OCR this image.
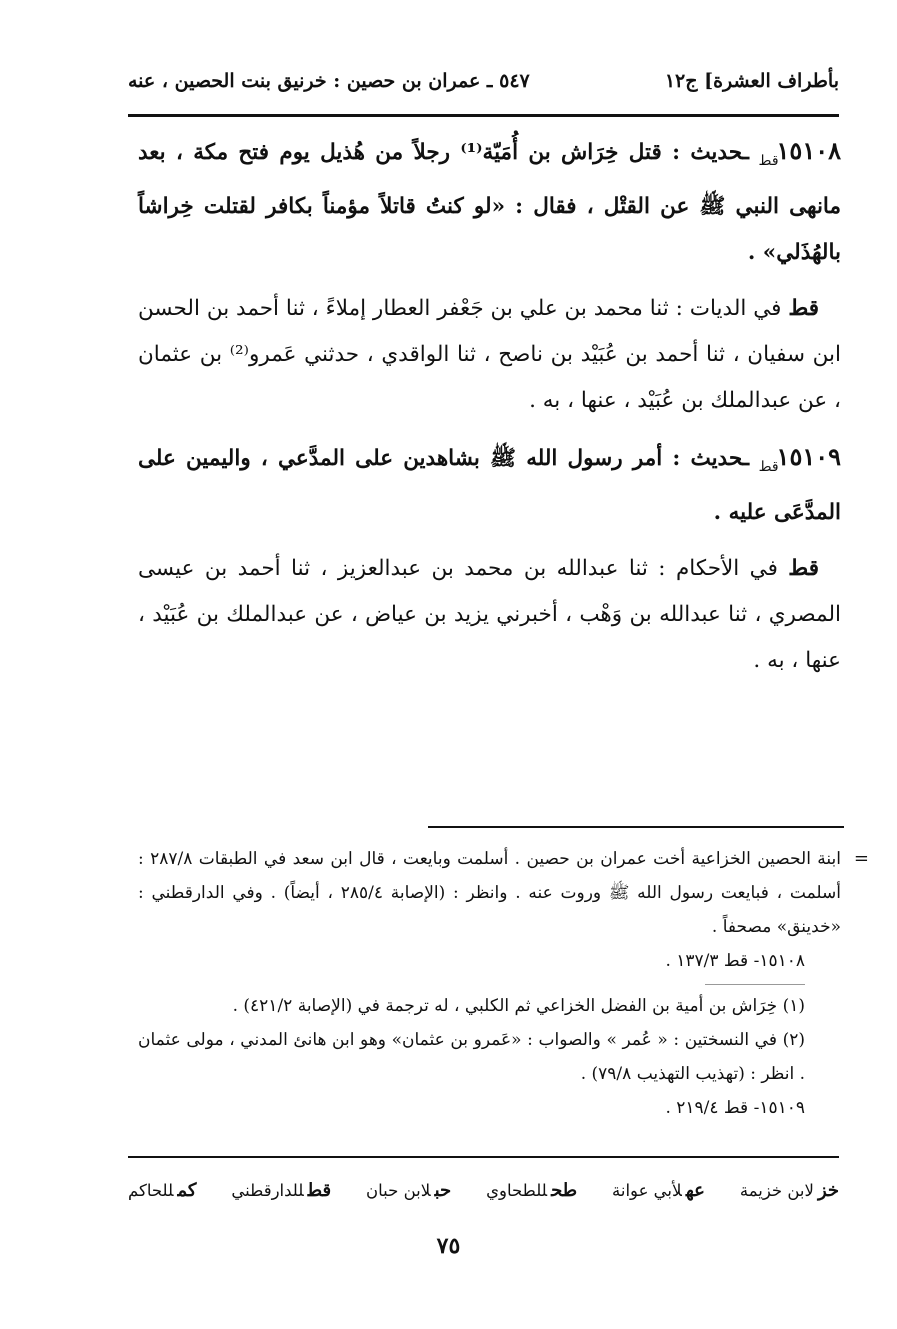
بأطراف العشرة] ج١٢
٥٤٧ ـ عمران بن حصين : خرنيق بنت الحصين ، عنه

$١٥١٠٨_{قط}$ ـحديث : قتل خِرَاش بن أُمَيّة⁽¹⁾ رجلاً من هُذيل يوم فتح مكة ، بعد مانهى النبي ﷺ عن القتْل ، فقال : «لو كنتُ قاتلاً مؤمناً بكافر لقتلت خِراشاً بالهُذَلي» .

قط في الديات : ثنا محمد بن علي بن جَعْفر العطار إملاءً ، ثنا أحمد بن الحسن ابن سفيان ، ثنا أحمد بن عُبَيْد بن ناصح ، ثنا الواقدي ، حدثني عَمرو⁽²⁾ بن عثمان ، عن عبدالملك بن عُبَيْد ، عنها ، به .

$١٥١٠٩_{قط}$ ـحديث : أمر رسول الله ﷺ بشاهدين على المدَّعي ، واليمين على المدَّعَى عليه .

قط في الأحكام : ثنا عبدالله بن محمد بن عبدالعزيز ، ثنا أحمد بن عيسى المصري ، ثنا عبدالله بن وَهْب ، أخبرني يزيد بن عياض ، عن عبدالملك بن عُبَيْد ، عنها ، به .

=

ابنة الحصين الخزاعية أخت عمران بن حصين . أسلمت وبايعت ، قال ابن سعد في الطبقات ٢٨٧/٨ : أسلمت ، فبايعت رسول الله ﷺ وروت عنه . وانظر : (الإصابة ٢٨٥/٤ ، أيضاً) . وفي الدارقطني : «خدينق» مصحفاً .

١٥١٠٨- قط ١٣٧/٣ .

(١) خِرَاش بن أمية بن الفضل الخزاعي ثم الكلبي ، له ترجمة في (الإصابة ٤٢١/٢) .

(٢) في النسختين : « عُمر » والصواب : «عَمرو بن عثمان» وهو ابن هانئ المدني ، مولى عثمان . انظر : (تهذيب التهذيب ٧٩/٨) .

١٥١٠٩- قط ٢١٩/٤ .

خزلابن خزيمة
عهلأبي عوانة
طحللطحاوي
حبلابن حبان
قطللدارقطني
كمللحاكم
٧٥
